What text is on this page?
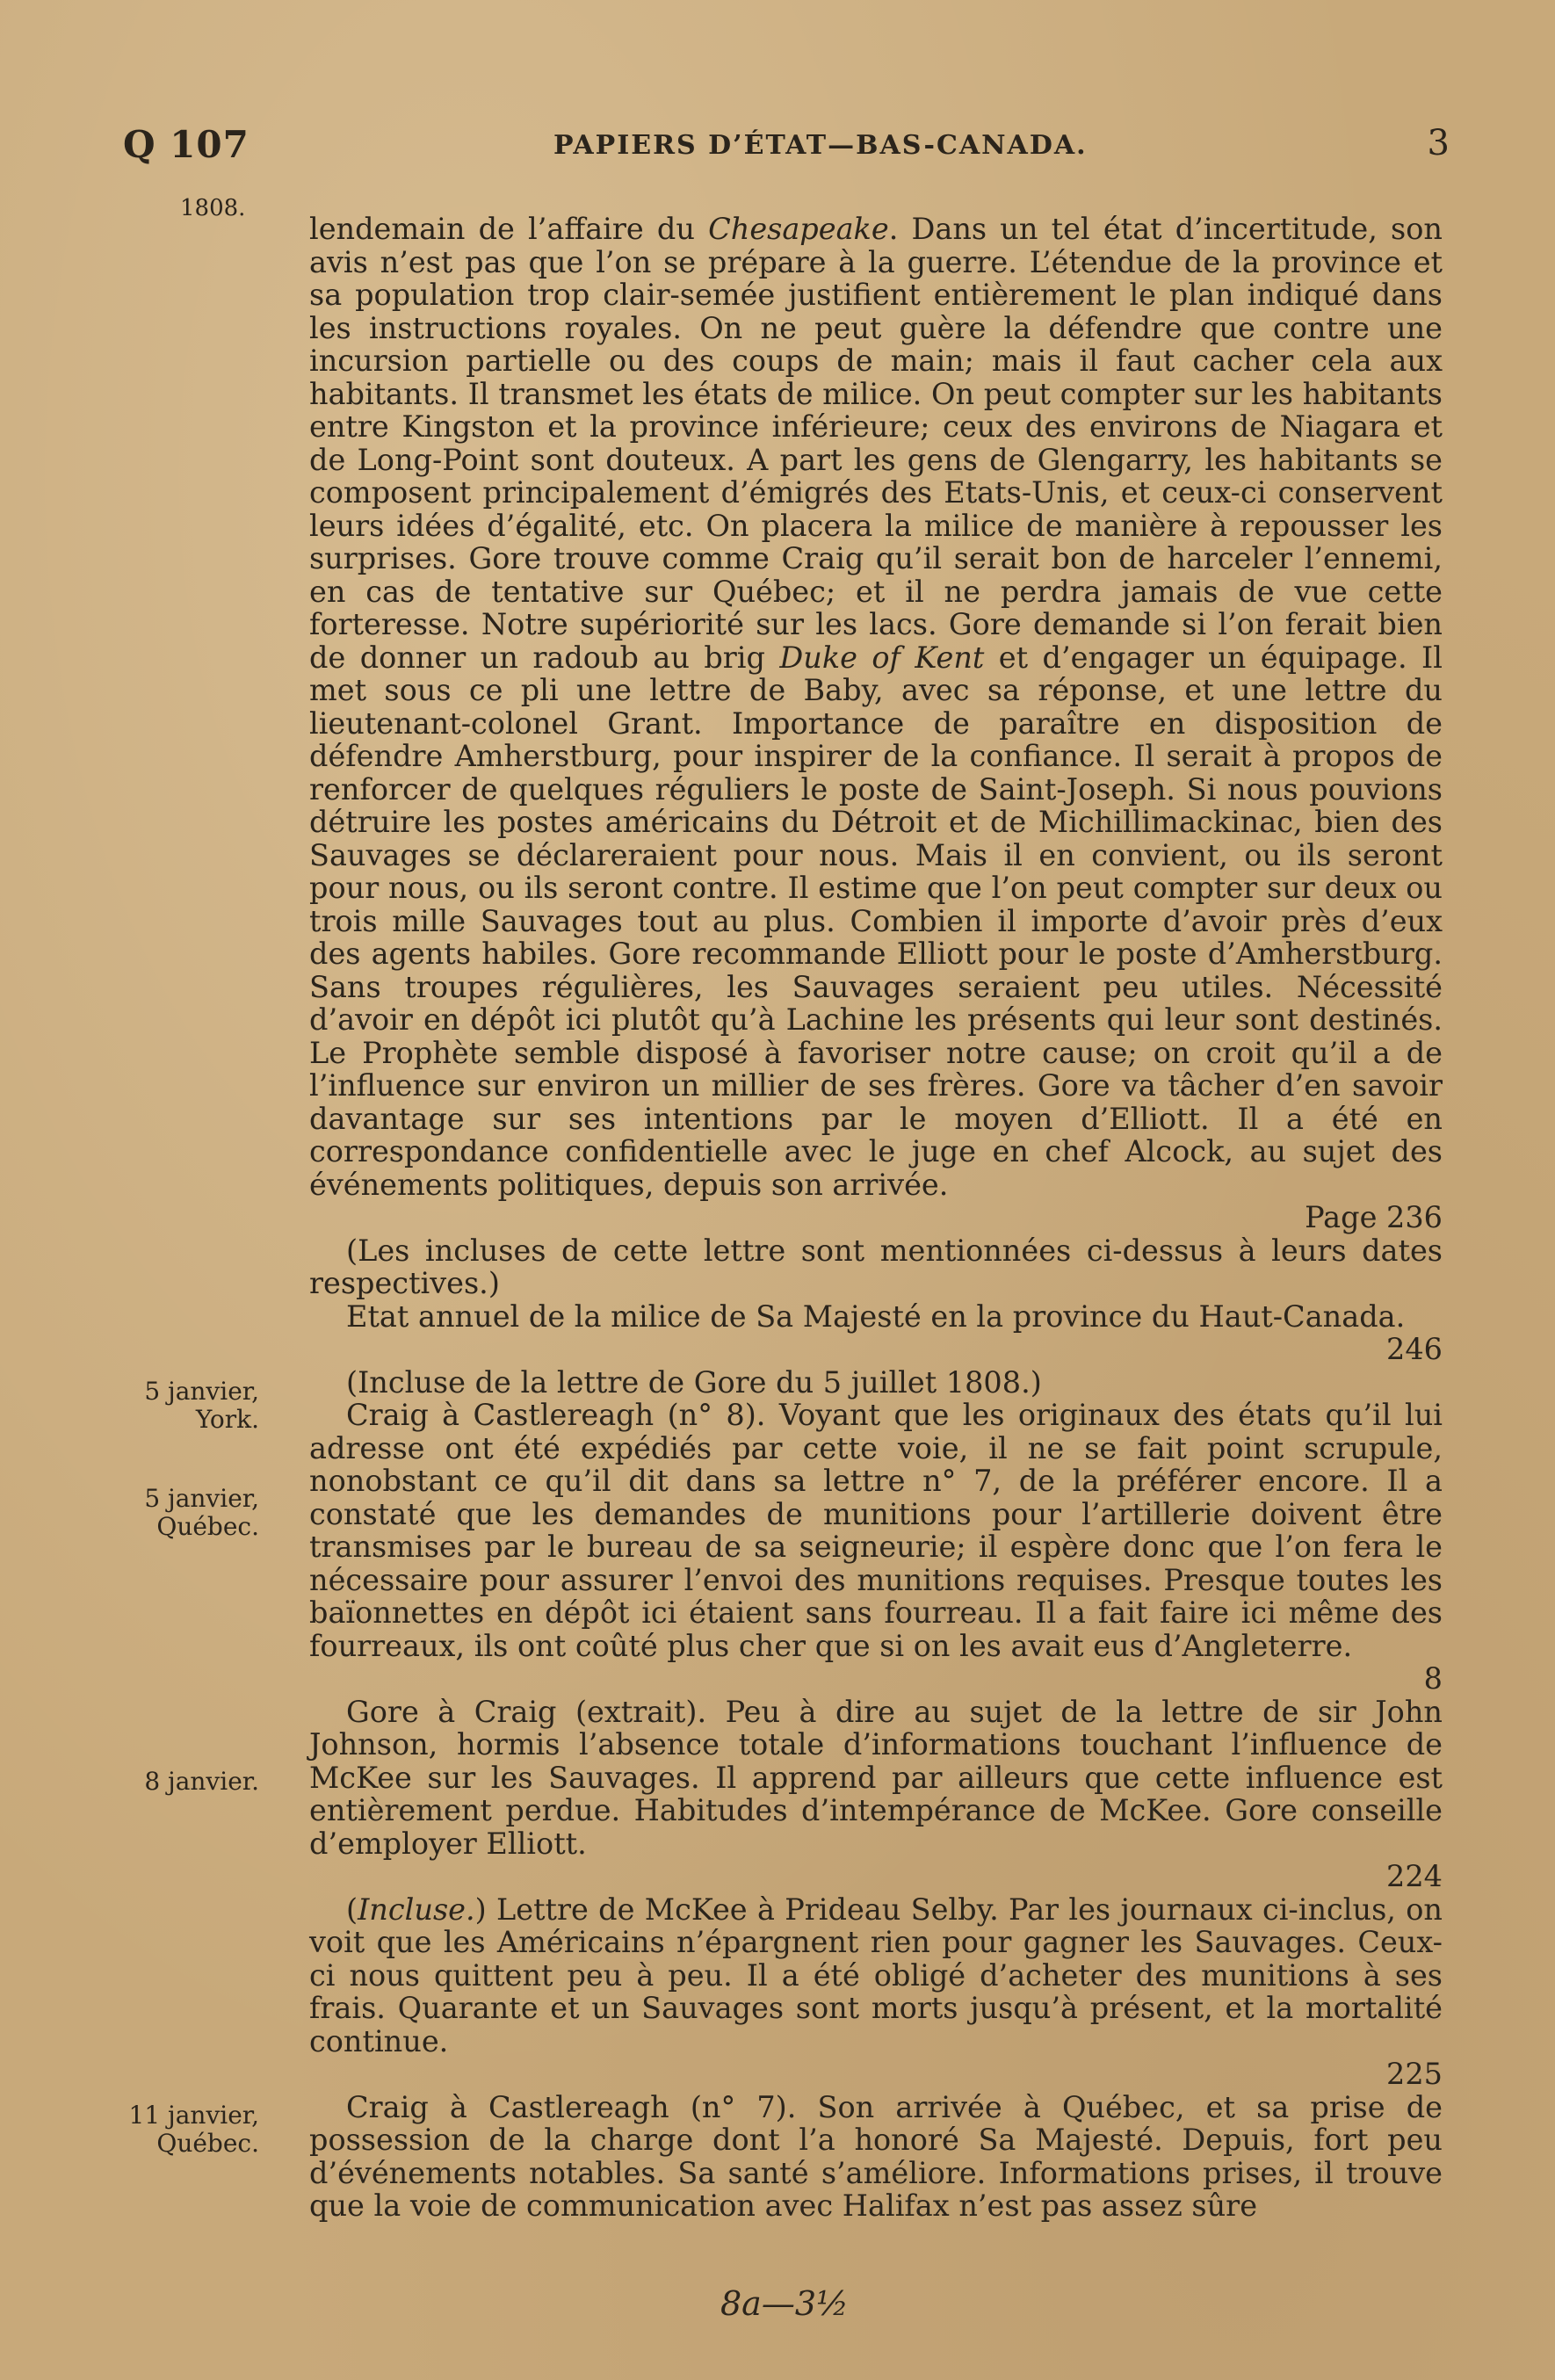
Q 107	PAPIERS D’ÉTAT—BAS-CANADA.	3
1808.
5 janvier,
York.
5 janvier,
Québec.
8 janvier.
11 janvier,
Québec.

lendemain de l’affaire du Chesapeake. Dans un tel état d’incertitude, son avis n’est pas que l’on se prépare à la guerre. L’étendue de la province et sa population trop clair-semée justifient entièrement le plan indiqué dans les instructions royales. On ne peut guère la défendre que contre une incursion partielle ou des coups de main; mais il faut cacher cela aux habitants. Il transmet les états de milice. On peut compter sur les habitants entre Kingston et la province inférieure; ceux des environs de Niagara et de Long-Point sont douteux. A part les gens de Glengarry, les habitants se composent principalement d’émigrés des Etats-Unis, et ceux-ci conservent leurs idées d’égalité, etc. On placera la milice de manière à repousser les surprises. Gore trouve comme Craig qu’il serait bon de harceler l’ennemi, en cas de tentative sur Québec; et il ne perdra jamais de vue cette forteresse. Notre supériorité sur les lacs. Gore demande si l’on ferait bien de donner un radoub au brig Duke of Kent et d’engager un équipage. Il met sous ce pli une lettre de Baby, avec sa réponse, et une lettre du lieutenant-colonel Grant. Importance de paraître en disposition de défendre Amherstburg, pour inspirer de la confiance. Il serait à propos de renforcer de quelques réguliers le poste de Saint-Joseph. Si nous pouvions détruire les postes américains du Détroit et de Michillimackinac, bien des Sauvages se déclareraient pour nous. Mais il en convient, ou ils seront pour nous, ou ils seront contre. Il estime que l’on peut compter sur deux ou trois mille Sauvages tout au plus. Combien il importe d’avoir près d’eux des agents habiles. Gore recommande Elliott pour le poste d’Amherstburg. Sans troupes régulières, les Sauvages seraient peu utiles. Nécessité d’avoir en dépôt ici plutôt qu’à Lachine les présents qui leur sont destinés. Le Prophète semble disposé à favoriser notre cause; on croit qu’il a de l’influence sur environ un millier de ses frères. Gore va tâcher d’en savoir davantage sur ses intentions par le moyen d’Elliott. Il a été en correspondance confidentielle avec le juge en chef Alcock, au sujet des événements politiques, depuis son arrivée.
Page 236

(Les incluses de cette lettre sont mentionnées ci-dessus à leurs dates respectives.)

Etat annuel de la milice de Sa Majesté en la province du Haut-Canada.
246

(Incluse de la lettre de Gore du 5 juillet 1808.)

Craig à Castlereagh (n° 8). Voyant que les originaux des états qu’il lui adresse ont été expédiés par cette voie, il ne se fait point scrupule, nonobstant ce qu’il dit dans sa lettre n° 7, de la préférer encore. Il a constaté que les demandes de munitions pour l’artillerie doivent être transmises par le bureau de sa seigneurie; il espère donc que l’on fera le nécessaire pour assurer l’envoi des munitions requises. Presque toutes les baïonnettes en dépôt ici étaient sans fourreau. Il a fait faire ici même des fourreaux, ils ont coûté plus cher que si on les avait eus d’Angleterre.
8

Gore à Craig (extrait). Peu à dire au sujet de la lettre de sir John Johnson, hormis l’absence totale d’informations touchant l’influence de McKee sur les Sauvages. Il apprend par ailleurs que cette influence est entièrement perdue. Habitudes d’intempérance de McKee. Gore conseille d’employer Elliott.
224

(Incluse.) Lettre de McKee à Prideau Selby. Par les journaux ci-inclus, on voit que les Américains n’épargnent rien pour gagner les Sauvages. Ceux-ci nous quittent peu à peu. Il a été obligé d’acheter des munitions à ses frais. Quarante et un Sauvages sont morts jusqu’à présent, et la mortalité continue.
225

Craig à Castlereagh (n° 7). Son arrivée à Québec, et sa prise de possession de la charge dont l’a honoré Sa Majesté. Depuis, fort peu d’événements notables. Sa santé s’améliore. Informations prises, il trouve que la voie de communication avec Halifax n’est pas assez sûre

8a—3½
